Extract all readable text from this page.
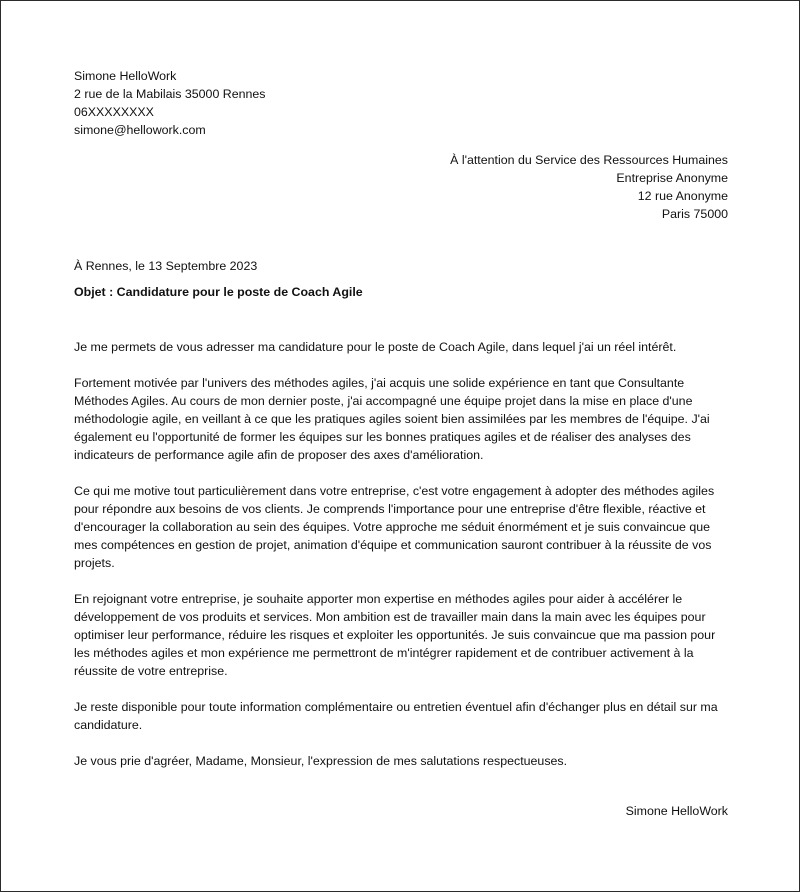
Simone HelloWork

2 rue de la Mabilais 35000 Rennes

06XXXXXXXX

simone@hellowork.com

À l'attention du Service des Ressources Humaines

Entreprise Anonyme

12 rue Anonyme

Paris 75000

À Rennes, le 13 Septembre 2023
Objet : Candidature pour le poste de Coach Agile

Je me permets de vous adresser ma candidature pour le poste de Coach Agile, dans lequel j'ai un réel intérêt.

Fortement motivée par l'univers des méthodes agiles, j'ai acquis une solide expérience en tant que Consultante Méthodes Agiles. Au cours de mon dernier poste, j'ai accompagné une équipe projet dans la mise en place d'une méthodologie agile, en veillant à ce que les pratiques agiles soient bien assimilées par les membres de l'équipe. J'ai également eu l'opportunité de former les équipes sur les bonnes pratiques agiles et de réaliser des analyses des indicateurs de performance agile afin de proposer des axes d'amélioration.

Ce qui me motive tout particulièrement dans votre entreprise, c'est votre engagement à adopter des méthodes agiles pour répondre aux besoins de vos clients. Je comprends l'importance pour une entreprise d'être flexible, réactive et d'encourager la collaboration au sein des équipes. Votre approche me séduit énormément et je suis convaincue que mes compétences en gestion de projet, animation d'équipe et communication sauront contribuer à la réussite de vos projets.

En rejoignant votre entreprise, je souhaite apporter mon expertise en méthodes agiles pour aider à accélérer le développement de vos produits et services. Mon ambition est de travailler main dans la main avec les équipes pour optimiser leur performance, réduire les risques et exploiter les opportunités. Je suis convaincue que ma passion pour les méthodes agiles et mon expérience me permettront de m'intégrer rapidement et de contribuer activement à la réussite de votre entreprise.

Je reste disponible pour toute information complémentaire ou entretien éventuel afin d'échanger plus en détail sur ma candidature.

Je vous prie d'agréer, Madame, Monsieur, l'expression de mes salutations respectueuses.

Simone HelloWork
